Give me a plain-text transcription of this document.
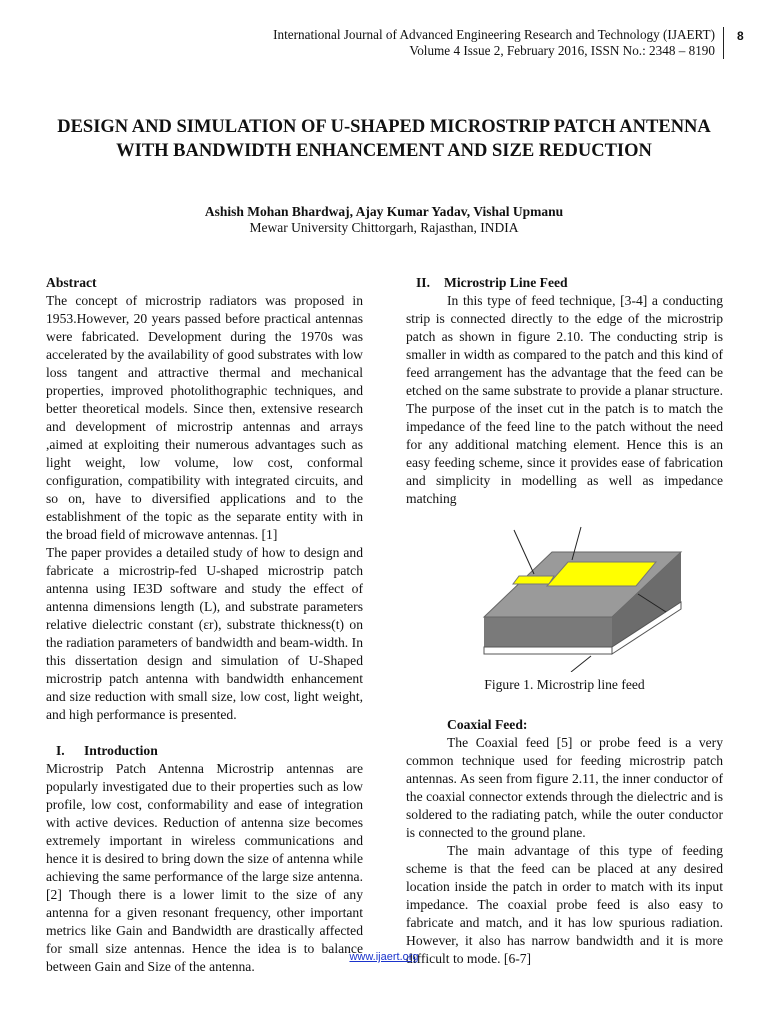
International Journal of Advanced Engineering Research and Technology (IJAERT)
Volume 4 Issue 2, February 2016, ISSN No.: 2348 – 8190
8
DESIGN AND SIMULATION OF U-SHAPED MICROSTRIP PATCH ANTENNA WITH BANDWIDTH ENHANCEMENT AND SIZE REDUCTION
Ashish Mohan Bhardwaj, Ajay Kumar Yadav, Vishal Upmanu
Mewar University Chittorgarh, Rajasthan, INDIA

Abstract

The concept of microstrip radiators was proposed in 1953.However, 20 years passed before practical antennas were fabricated. Development during the 1970s was accelerated by the availability of good substrates with low loss tangent and attractive thermal and mechanical properties, improved photolithographic techniques, and better theoretical models. Since then, extensive research and development of microstrip antennas and arrays ,aimed at exploiting their numerous advantages such as light weight, low volume, low cost, conformal configuration, compatibility with integrated circuits, and so on, have to diversified applications and to the establishment of the topic as the separate entity with in the broad field of microwave antennas. [1]

The paper provides a detailed study of how to design and fabricate a microstrip-fed U-shaped microstrip patch antenna using IE3D software and study the effect of antenna dimensions length (L), and substrate parameters relative dielectric constant (εr), substrate thickness(t) on the radiation parameters of bandwidth and beam-width. In this dissertation design and simulation of U-Shaped microstrip patch antenna with bandwidth enhancement and size reduction with small size, low cost, light weight, and high performance is presented.

I. Introduction

Microstrip Patch Antenna Microstrip antennas are popularly investigated due to their properties such as low profile, low cost, conformability and ease of integration with active devices. Reduction of antenna size becomes extremely important in wireless communications and hence it is desired to bring down the size of antenna while achieving the same performance of the large size antenna.[2] Though there is a lower limit to the size of any antenna for a given resonant frequency, other important metrics like Gain and Bandwidth are drastically affected for small size antennas. Hence the idea is to balance between Gain and Size of the antenna.

II. Microstrip Line Feed

In this type of feed technique, [3-4] a conducting strip is connected directly to the edge of the microstrip patch as shown in figure 2.10. The conducting strip is smaller in width as compared to the patch and this kind of feed arrangement has the advantage that the feed can be etched on the same substrate to provide a planar structure. The purpose of the inset cut in the patch is to match the impedance of the feed line to the patch without the need for any additional matching element. Hence this is an easy feeding scheme, since it provides ease of fabrication and simplicity in modelling as well as impedance matching

Figure 1. Microstrip line feed

Coaxial Feed:

The Coaxial feed [5] or probe feed is a very common technique used for feeding microstrip patch antennas. As seen from figure 2.11, the inner conductor of the coaxial connector extends through the dielectric and is soldered to the radiating patch, while the outer conductor is connected to the ground plane.

The main advantage of this type of feeding scheme is that the feed can be placed at any desired location inside the patch in order to match with its input impedance. The coaxial probe feed is also easy to fabricate and match, and it has low spurious radiation. However, it also has narrow bandwidth and it is more difficult to mode. [6-7]

www.ijaert.org
